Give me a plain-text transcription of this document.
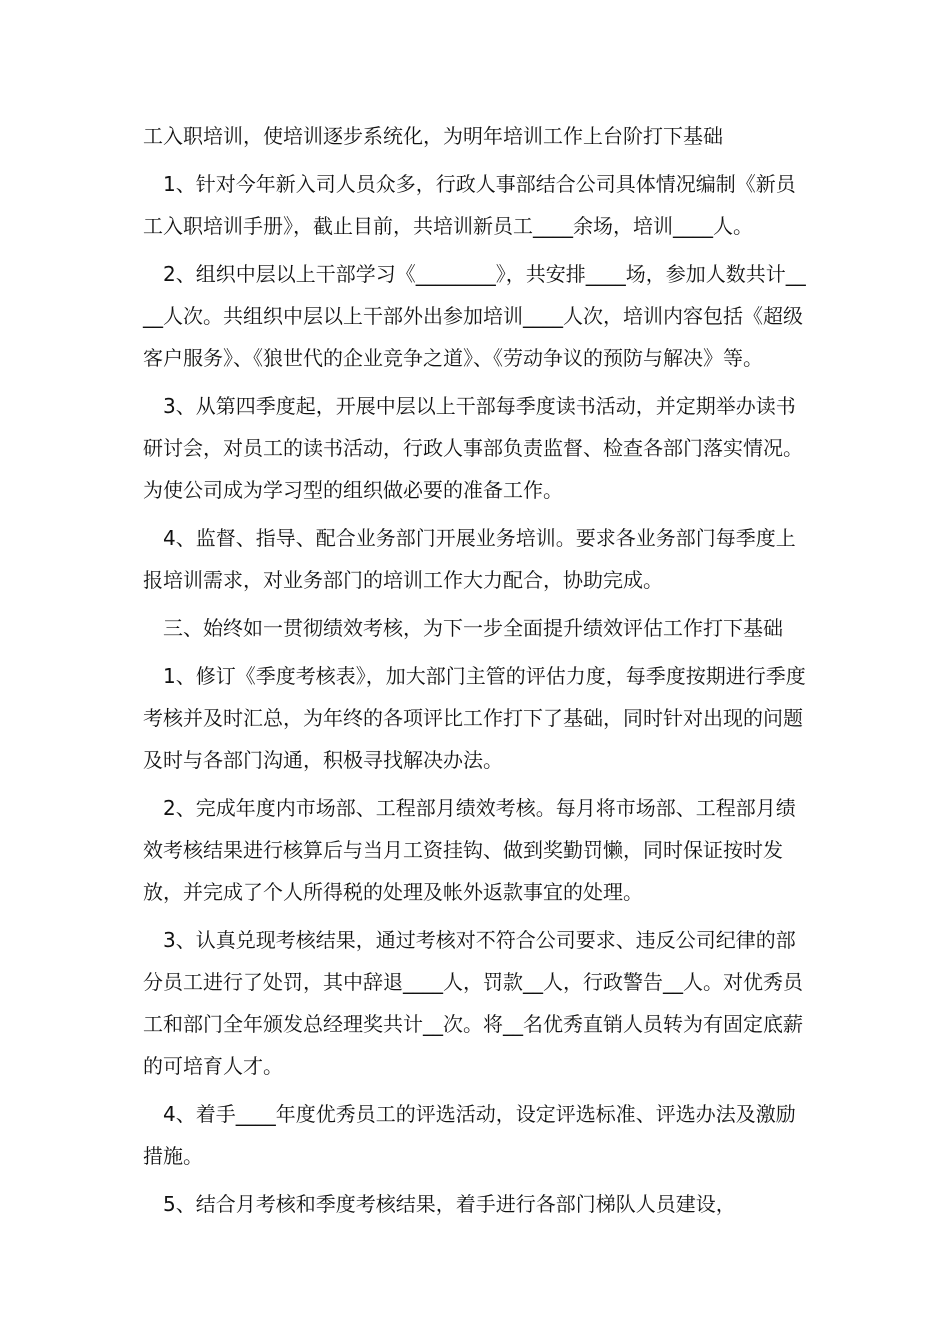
工入职培训，使培训逐步系统化，为明年培训工作上台阶打下基础

1、针对今年新入司人员众多，行政人事部结合公司具体情况编制《新员工入职培训手册》，截止目前，共培训新员工____余场，培训____人。

2、组织中层以上干部学习《________》，共安排____场，参加人数共计____人次。共组织中层以上干部外出参加培训____人次，培训内容包括《超级客户服务》、《狼世代的企业竞争之道》、《劳动争议的预防与解决》等。

3、从第四季度起，开展中层以上干部每季度读书活动，并定期举办读书研讨会，对员工的读书活动，行政人事部负责监督、检查各部门落实情况。为使公司成为学习型的组织做必要的准备工作。

4、监督、指导、配合业务部门开展业务培训。要求各业务部门每季度上报培训需求，对业务部门的培训工作大力配合，协助完成。

三、始终如一贯彻绩效考核，为下一步全面提升绩效评估工作打下基础

1、修订《季度考核表》，加大部门主管的评估力度，每季度按期进行季度考核并及时汇总，为年终的各项评比工作打下了基础，同时针对出现的问题及时与各部门沟通，积极寻找解决办法。

2、完成年度内市场部、工程部月绩效考核。每月将市场部、工程部月绩效考核结果进行核算后与当月工资挂钩、做到奖勤罚懒，同时保证按时发放，并完成了个人所得税的处理及帐外返款事宜的处理。

3、认真兑现考核结果，通过考核对不符合公司要求、违反公司纪律的部分员工进行了处罚，其中辞退____人，罚款__人，行政警告__人。对优秀员工和部门全年颁发总经理奖共计__次。将__名优秀直销人员转为有固定底薪的可培育人才。

4、着手____年度优秀员工的评选活动，设定评选标准、评选办法及激励措施。

5、结合月考核和季度考核结果，着手进行各部门梯队人员建设，
